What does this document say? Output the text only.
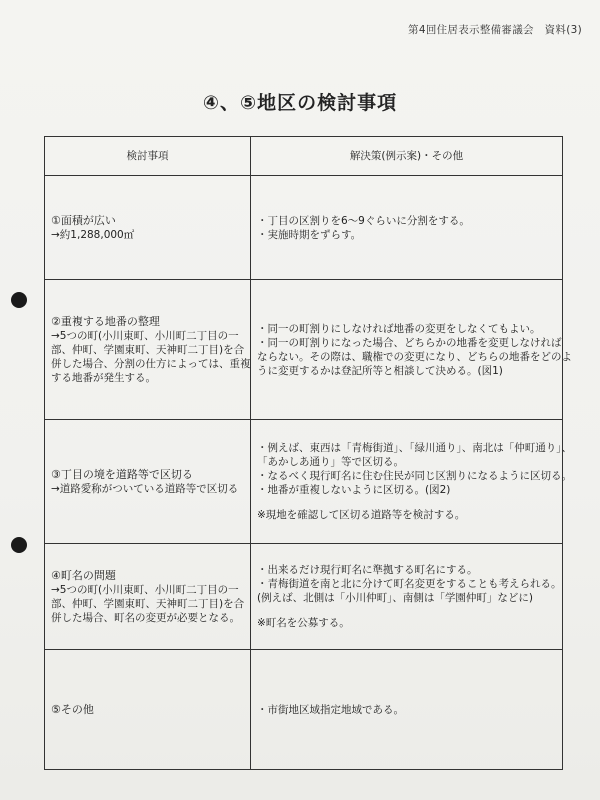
第4回住居表示整備審議会　資料(3)
④、⑤地区の検討事項
検討事項	解決策(例示案)・その他

①面積が広い
→約1,288,000㎡	・丁目の区割りを6〜9ぐらいに分割をする。
・実施時期をずらす。

②重複する地番の整理
→5つの町(小川東町、小川町二丁目の一
部、仲町、学園東町、天神町二丁目)を合
併した場合、分割の仕方によっては、重複
する地番が発生する。	・同一の町割りにしなければ地番の変更をしなくてもよい。
・同一の町割りになった場合、どちらかの地番を変更しなければ
ならない。その際は、職権での変更になり、どちらの地番をどのよ
うに変更するかは登記所等と相談して決める。(図1)

③丁目の境を道路等で区切る
→道路愛称がついている道路等で区切る	・例えば、東西は「青梅街道」、「緑川通り」、南北は「仲町通り」、
「あかしあ通り」等で区切る。
・なるべく現行町名に住む住民が同じ区割りになるように区切る。
・地番が重複しないように区切る。(図2)
※現地を確認して区切る道路等を検討する。

④町名の問題
→5つの町(小川東町、小川町二丁目の一
部、仲町、学園東町、天神町二丁目)を合
併した場合、町名の変更が必要となる。	・出来るだけ現行町名に準拠する町名にする。
・青梅街道を南と北に分けて町名変更をすることも考えられる。
(例えば、北側は「小川仲町」、南側は「学園仲町」などに)
※町名を公募する。

⑤その他	・市街地区域指定地域である。
